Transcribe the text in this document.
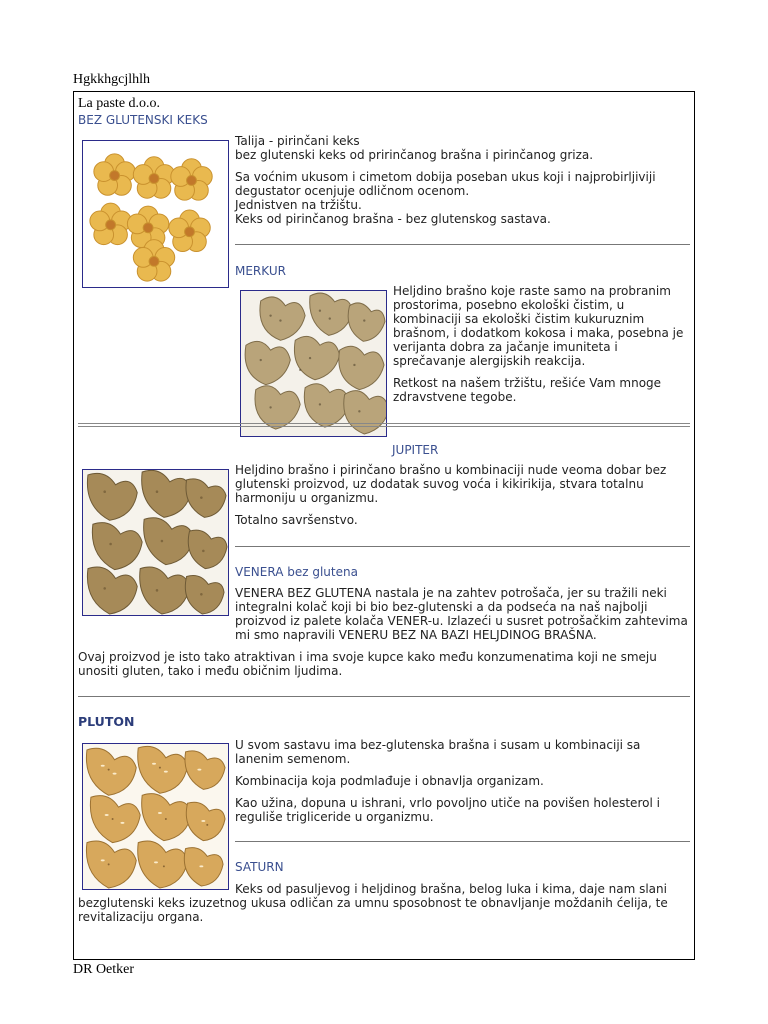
Hgkkhgcjlhlh
La paste d.o.o.
BEZ GLUTENSKI KEKS

Talija - pirinčani keks

bez glutenski keks od pririnčanog brašna i pirinčanog griza.

Sa voćnim ukusom i cimetom dobija poseban ukus koji i najprobirljiviji degustator ocenjuje odličnom ocenom.

Jednistven na tržištu.

Keks od pirinčanog brašna - bez glutenskog sastava.

MERKUR

Heljdino brašno koje raste samo na probranim prostorima, posebno ekološki čistim, u kombinaciji sa ekološki čistim kukuruznim brašnom, i dodatkom kokosa i maka, posebna je verijanta dobra za jačanje imuniteta i sprečavanje alergijskih reakcija.

Retkost na našem tržištu, rešiće Vam mnoge zdravstvene tegobe.

JUPITER

Heljdino brašno i pirinčano brašno u kombinaciji nude veoma dobar bez glutenski proizvod, uz dodatak suvog voća i kikirikija, stvara totalnu harmoniju u organizmu.

Totalno savršenstvo.

VENERA bez glutena

VENERA BEZ GLUTENA nastala je na zahtev potrošača, jer su tražili neki integralni kolač koji bi bio bez-glutenski a da podseća na naš najbolji proizvod iz palete kolača VENER-u. Izlazeći u susret potrošačkim zahtevima mi smo napravili VENERU BEZ NA BAZI HELJDINOG BRAŠNA.

Ovaj proizvod je isto tako atraktivan i ima svoje kupce kako među konzumenatima koji ne smeju unositi gluten, tako i među običnim ljudima.

PLUTON

U svom sastavu ima bez-glutenska brašna i susam u kombinaciji sa lanenim semenom.

Kombinacija koja podmlađuje i obnavlja organizam.

Kao užina, dopuna u ishrani, vrlo povoljno utiče na povišen holesterol i reguliše trigliceride u organizmu.

SATURN

Keks od pasuljevog i heljdinog brašna, belog luka i kima, daje nam slani bezglutenski keks izuzetnog ukusa odličan za umnu sposobnost te obnavljanje moždanih ćelija, te revitalizaciju organa.

DR Oetker
